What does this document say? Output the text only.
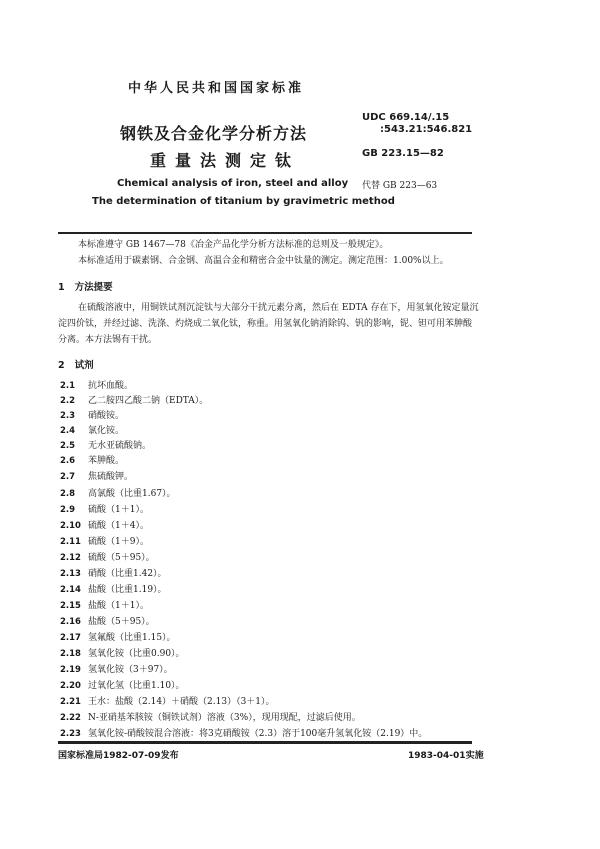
中华人民共和国国家标准
钢铁及合金化学分析方法
重量法测定钛
Chemical analysis of iron, steel and alloy
The determination of titanium by gravimetric method
UDC 669.14/.15
:543.21:546.821
GB 223.15—82
代替 GB 223—63
本标准遵守 GB 1467—78《冶金产品化学分析方法标准的总则及一般规定》。
本标准适用于碳素钢、合金钢、高温合金和精密合金中钛量的测定。测定范围：1.00%以上。
1 方法提要
在硫酸溶液中，用铜铁试剂沉淀钛与大部分干扰元素分离，然后在 EDTA 存在下，用氢氧化铵定量沉淀四价钛，并经过滤、洗涤、灼烧成二氧化钛，称重。用氢氧化钠消除钨、钒的影响，铌、钽可用苯胂酸分离。本方法锡有干扰。
2 试剂
2.1 抗坏血酸。
2.2 乙二胺四乙酸二钠（EDTA）。
2.3 硝酸铵。
2.4 氯化铵。
2.5 无水亚硫酸钠。
2.6 苯胂酸。
2.7 焦硫酸钾。
2.8 高氯酸（比重1.67）。
2.9 硫酸（1＋1）。
2.10 硫酸（1＋4）。
2.11 硫酸（1＋9）。
2.12 硫酸（5＋95）。
2.13 硝酸（比重1.42）。
2.14 盐酸（比重1.19）。
2.15 盐酸（1＋1）。
2.16 盐酸（5＋95）。
2.17 氢氟酸（比重1.15）。
2.18 氢氧化铵（比重0.90）。
2.19 氢氧化铵（3＋97）。
2.20 过氧化氢（比重1.10）。
2.21 王水：盐酸（2.14）＋硝酸（2.13）（3＋1）。
2.22 N-亚硝基苯胲铵（铜铁试剂）溶液（3%），现用现配，过滤后使用。
2.23 氢氧化铵-硝酸铵混合溶液：将3克硝酸铵（2.3）溶于100毫升氢氧化铵（2.19）中。
国家标准局1982-07-09发布	1983-04-01实施
